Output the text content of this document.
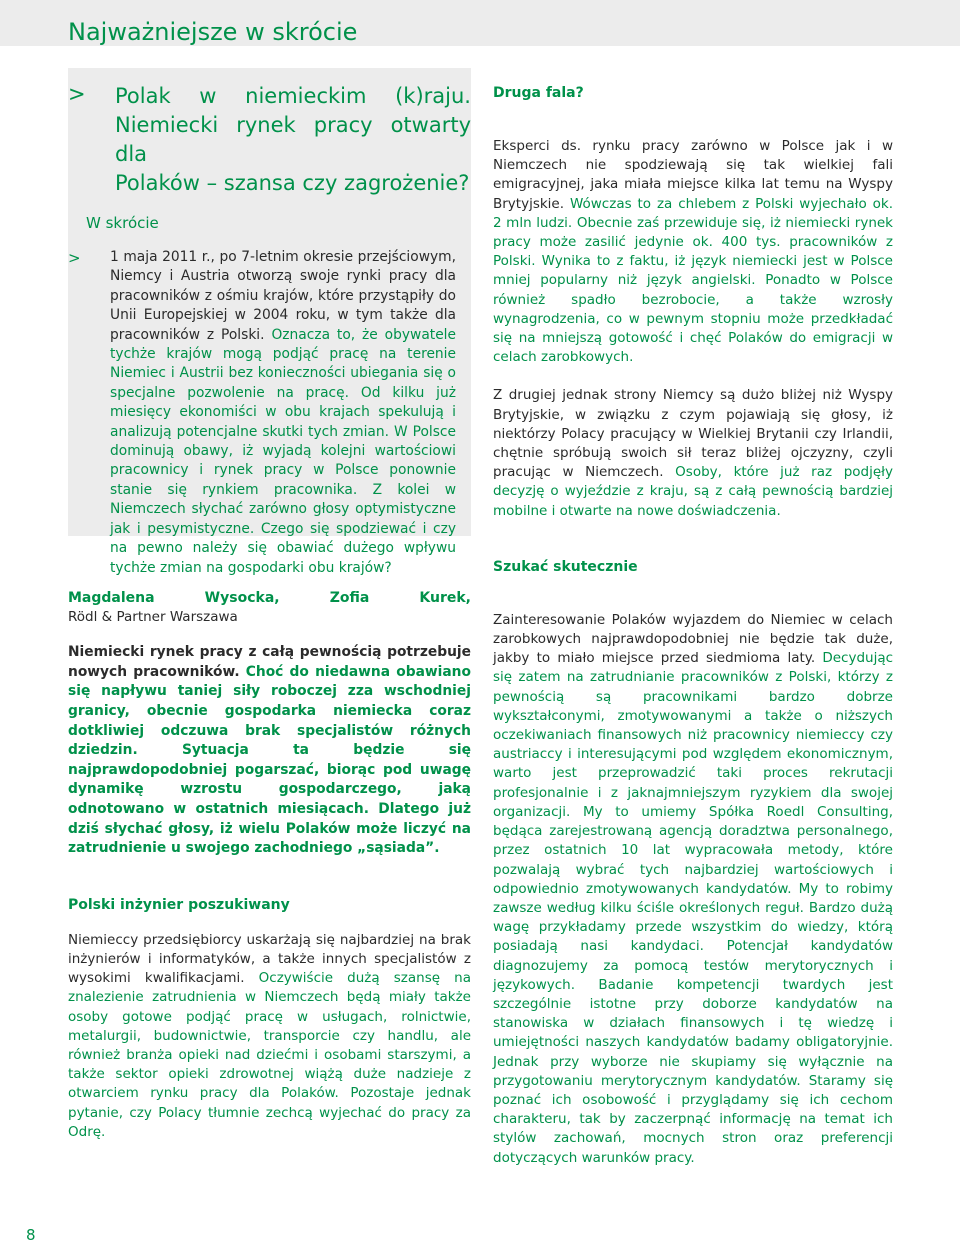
Najważniejsze w skrócie
> Polak w niemieckim (k)raju.

Niemiecki rynek pracy otwarty dla

Polaków – szansa czy zagrożenie?

W skrócie

> 1 maja 2011 r., po 7-letnim okresie przejściowym, Niemcy i Austria otworzą swoje rynki pracy dla pracowników z ośmiu krajów, które przystąpiły do Unii Europejskiej w 2004 roku, w tym także dla pracowników z Polski. Oznacza to, że obywatele tychże krajów mogą podjąć pracę na terenie Niemiec i Austrii bez konieczności ubiegania się o specjalne pozwolenie na pracę. Od kilku już miesięcy ekonomiści w obu krajach spekulują i analizują potencjalne skutki tych zmian. W Polsce dominują obawy, iż wyjadą kolejni wartościowi pracownicy i rynek pracy w Polsce ponownie stanie się rynkiem pracownika. Z kolei w Niemczech słychać zarówno głosy optymistyczne jak i pesymistyczne. Czego się spodziewać i czy na pewno należy się obawiać dużego wpływu tychże zmian na gospodarki obu krajów?

Magdalena Wysocka, Zofia Kurek,

Rödl & Partner Warszawa

Niemiecki rynek pracy z całą pewnością potrzebuje nowych pracowników. Choć do niedawna obawiano się napływu taniej siły roboczej zza wschodniej granicy, obecnie gospodarka niemiecka coraz dotkliwiej odczuwa brak specjalistów różnych dziedzin.	Sytuacja ta będzie się najprawdopodobniej pogarszać, biorąc pod uwagę dynamikę wzrostu gospodarczego, jaką odnotowano w ostatnich miesiącach. Dlatego już dziś słychać głosy, iż wielu Polaków może liczyć na zatrudnienie u swojego zachodniego „sąsiada”.

Polski inżynier poszukiwany

Niemieccy przedsiębiorcy uskarżają się najbardziej na brak inżynierów i informatyków, a także innych specjalistów z wysokimi kwalifikacjami. Oczywiście dużą szansę na znalezienie zatrudnienia w Niemczech będą miały także osoby gotowe podjąć pracę w usługach, rolnictwie, metalurgii, budownictwie, transporcie czy handlu, ale również branża opieki nad dziećmi i osobami starszymi, a także sektor opieki zdrowotnej wiążą duże nadzieje z otwarciem rynku pracy dla Polaków. Pozostaje jednak pytanie, czy Polacy tłumnie zechcą wyjechać do pracy za Odrę.

Druga fala?

Eksperci ds. rynku pracy zarówno w Polsce jak i w Niemczech nie spodziewają się tak wielkiej fali emigracyjnej, jaka miała miejsce kilka lat temu na Wyspy Brytyjskie. Wówczas to za chlebem z Polski wyjechało ok. 2 mln ludzi. Obecnie zaś przewiduje się, iż niemiecki rynek pracy może zasilić jedynie ok. 400 tys. pracowników z Polski. Wynika to z faktu, iż język niemiecki jest w Polsce mniej popularny niż język angielski. Ponadto w Polsce również spadło bezrobocie, a także wzrosły wynagrodzenia, co w pewnym stopniu może przedkładać się na mniejszą gotowość i chęć Polaków do emigracji w celach zarobkowych.

Z drugiej jednak strony Niemcy są dużo bliżej niż Wyspy Brytyjskie, w związku z czym pojawiają się głosy, iż niektórzy Polacy pracujący w Wielkiej Brytanii czy Irlandii, chętnie spróbują swoich sił teraz bliżej ojczyzny, czyli pracując w Niemczech. Osoby, które już raz podjęły decyzję o wyjeździe z kraju, są z całą pewnością bardziej mobilne i otwarte na nowe doświadczenia.

Szukać skutecznie

Zainteresowanie Polaków wyjazdem do Niemiec w celach zarobkowych najprawdopodobniej nie będzie tak duże, jakby to miało miejsce przed siedmioma laty. Decydując się zatem na zatrudnianie pracowników z Polski, którzy z pewnością są pracownikami bardzo dobrze wykształconymi, zmotywowanymi a także o niższych oczekiwaniach finansowych niż pracownicy niemieccy czy austriaccy i interesującymi pod względem ekonomicznym, warto jest przeprowadzić taki proces rekrutacji profesjonalnie i z jaknajmniejszym ryzykiem dla swojej organizacji. My to umiemy Spółka Roedl Consulting, będąca zarejestrowaną agencją doradztwa personalnego, przez ostatnich 10 lat wypracowała metody, które pozwalają wybrać tych najbardziej wartościowych i odpowiednio zmotywowanych kandydatów. My to robimy zawsze według kilku ściśle określonych reguł. Bardzo dużą wagę przykładamy przede wszystkim do wiedzy, którą posiadają nasi kandydaci. Potencjał kandydatów diagnozujemy za pomocą testów merytorycznych i językowych. Badanie kompetencji twardych jest szczególnie istotne przy doborze kandydatów na stanowiska w działach finansowych i tę wiedzę i umiejętności naszych kandydatów badamy obligatoryjnie. Jednak przy wyborze nie skupiamy się wyłącznie na przygotowaniu merytorycznym kandydatów. Staramy się poznać ich osobowość i przyglądamy się ich cechom charakteru, tak by zaczerpnąć informację na temat ich stylów zachowań, mocnych stron oraz preferencji dotyczących warunków pracy.

8
